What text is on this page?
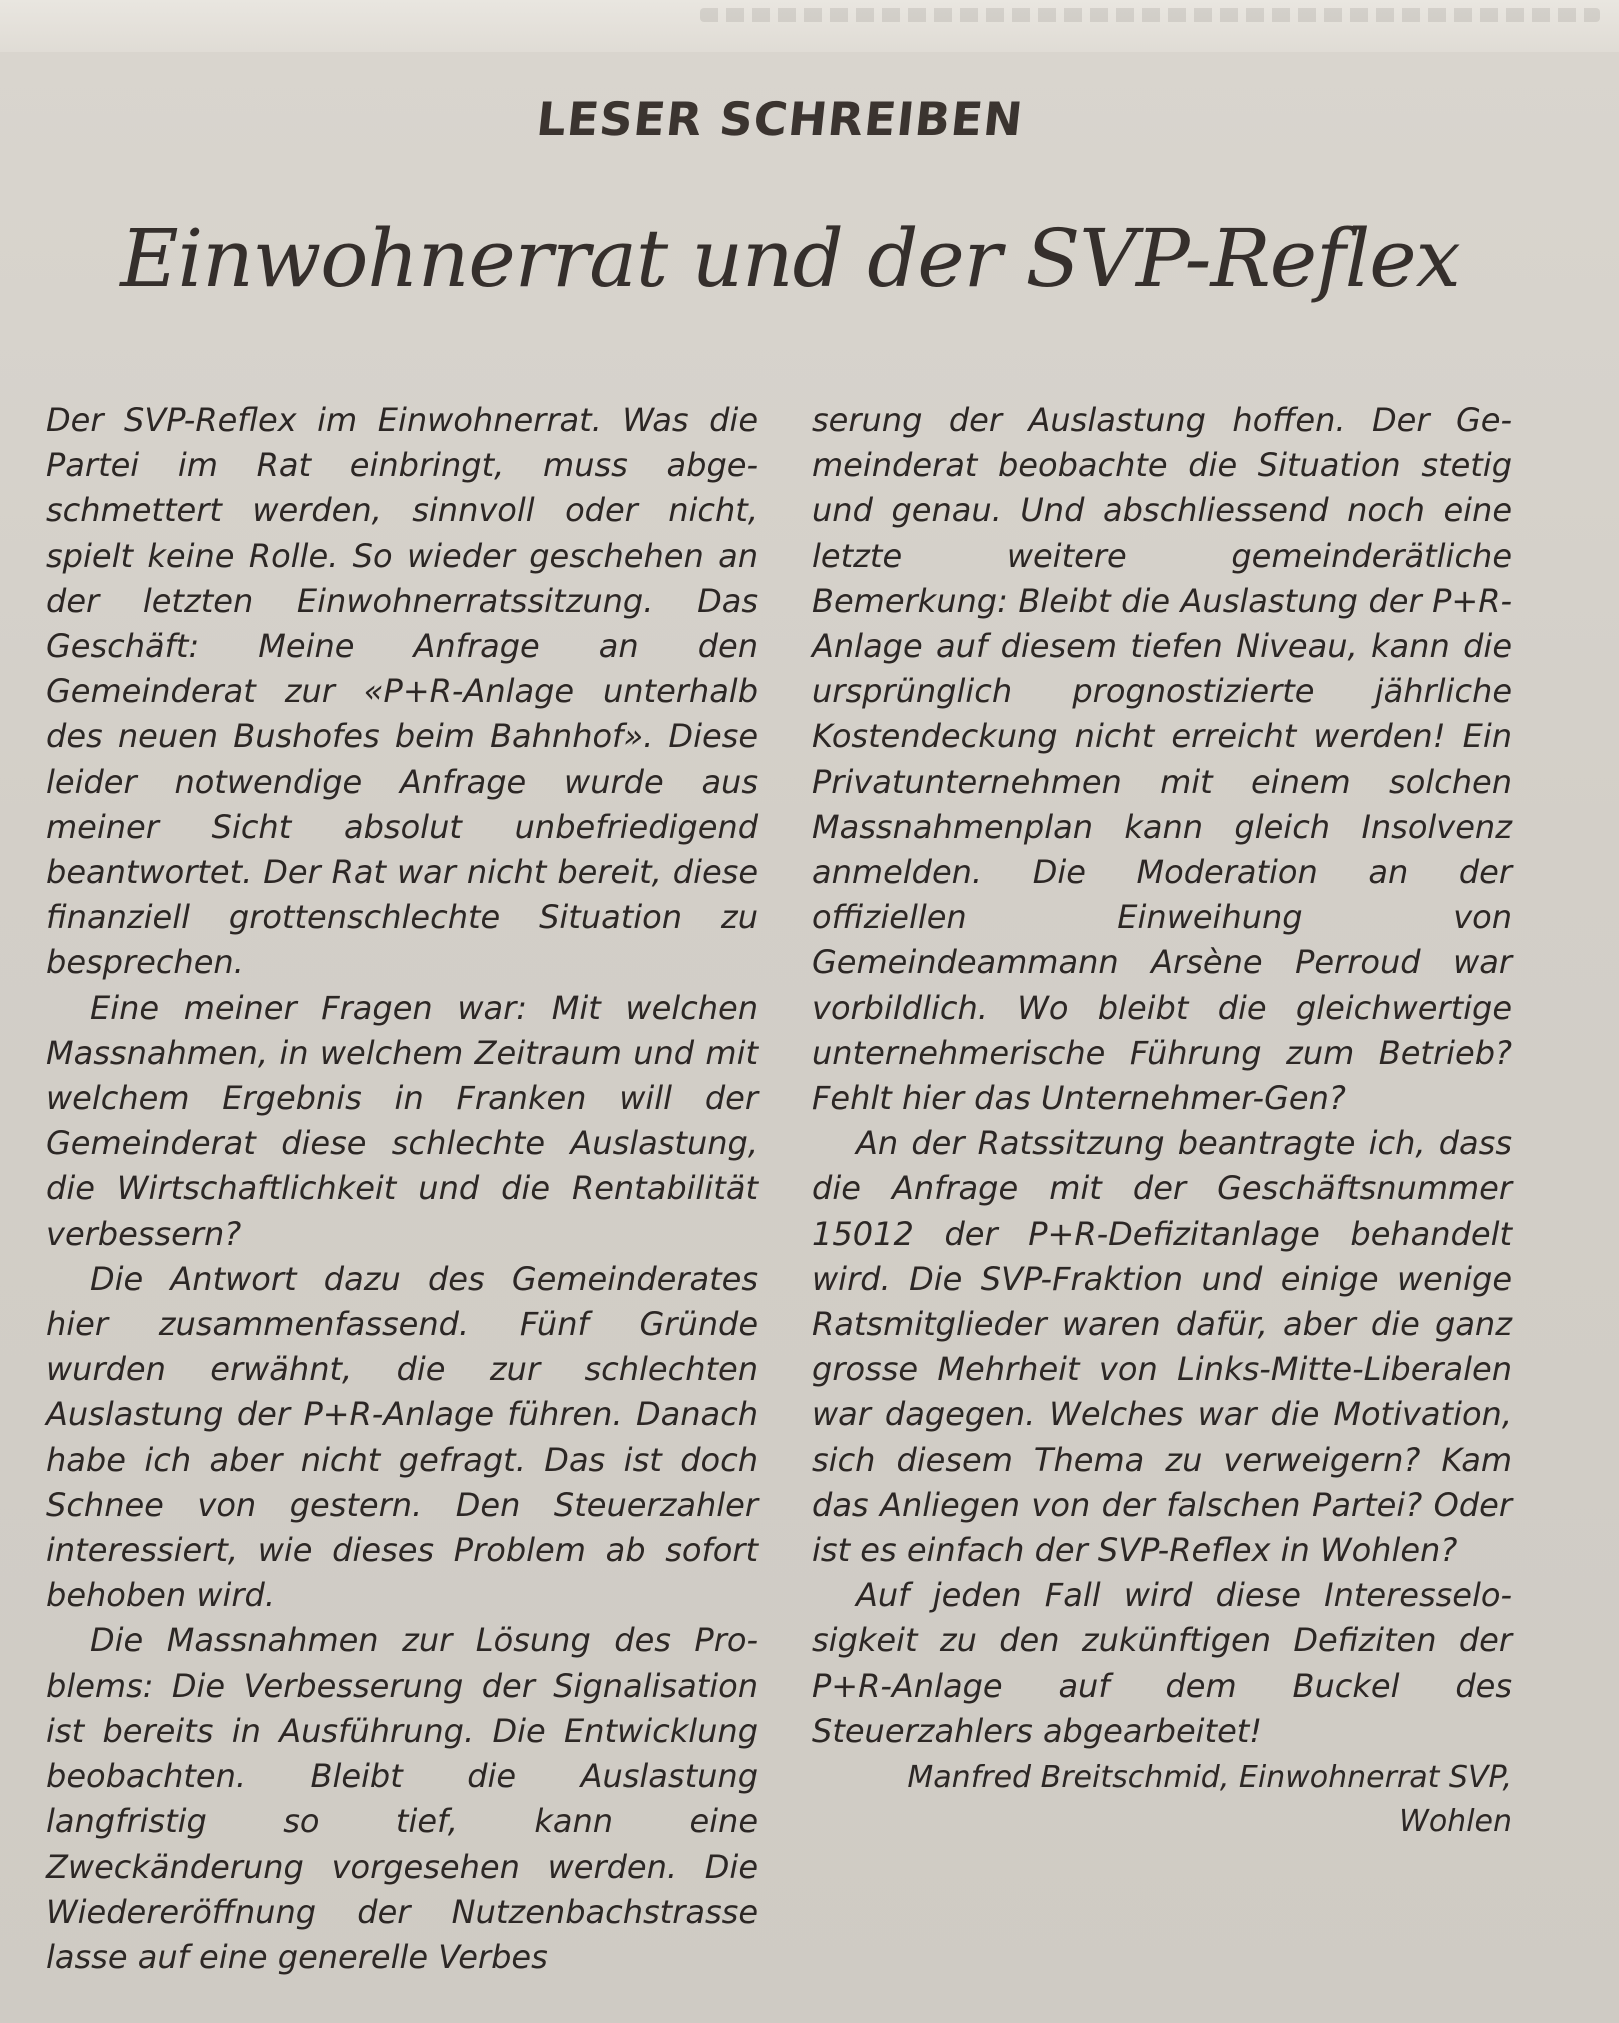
LESER SCHREIBEN
Einwohnerrat und der SVP-Reflex

Der SVP-Reflex im Einwohnerrat. Was die Partei im Rat einbringt, muss abgeschmettert werden, sinnvoll oder nicht, spielt keine Rolle. So wieder geschehen an der letzten Einwohnerratssitzung. Das Geschäft: Meine Anfrage an den Gemeinderat zur «P+R-Anlage unterhalb des neuen Bushofes beim Bahnhof». Diese leider notwendige Anfrage wurde aus meiner Sicht absolut unbefriedigend beantwortet. Der Rat war nicht bereit, diese finanziell grottenschlechte Situation zu besprechen.

Eine meiner Fragen war: Mit welchen Massnahmen, in welchem Zeitraum und mit welchem Ergebnis in Franken will der Gemeinderat diese schlechte Auslastung, die Wirtschaftlichkeit und die Rentabilität verbessern?

Die Antwort dazu des Gemeinderates hier zusammenfassend. Fünf Gründe wurden erwähnt, die zur schlechten Auslastung der P+R-Anlage führen. Danach habe ich aber nicht gefragt. Das ist doch Schnee von gestern. Den Steuerzahler interessiert, wie dieses Problem ab sofort behoben wird.

Die Massnahmen zur Lösung des Problems: Die Verbesserung der Signalisation ist bereits in Ausführung. Die Entwicklung beobachten. Bleibt die Auslastung langfristig so tief, kann eine Zweckänderung vorgesehen werden. Die Wiedereröffnung der Nutzenbachstrasse lasse auf eine generelle Verbes

serung der Auslastung hoffen. Der Gemeinderat beobachte die Situation stetig und genau. Und abschliessend noch eine letzte weitere gemeinderätliche Bemerkung: Bleibt die Auslastung der P+R-Anlage auf diesem tiefen Niveau, kann die ursprünglich prognostizierte jährliche Kostendeckung nicht erreicht werden! Ein Privatunternehmen mit einem solchen Massnahmenplan kann gleich Insolvenz anmelden. Die Moderation an der offiziellen Einweihung von Gemeindeammann Arsène Perroud war vorbildlich. Wo bleibt die gleichwertige unternehmerische Führung zum Betrieb? Fehlt hier das Unternehmer-Gen?

An der Ratssitzung beantragte ich, dass die Anfrage mit der Geschäftsnummer 15012 der P+R-Defizitanlage behandelt wird. Die SVP-Fraktion und einige wenige Ratsmitglieder waren dafür, aber die ganz grosse Mehrheit von Links-Mitte-Liberalen war dagegen. Welches war die Motivation, sich diesem Thema zu verweigern? Kam das Anliegen von der falschen Partei? Oder ist es einfach der SVP-Reflex in Wohlen?

Auf jeden Fall wird diese Interesselosigkeit zu den zukünftigen Defiziten der P+R-Anlage auf dem Buckel des Steuerzahlers abgearbeitet!

Manfred Breitschmid, Einwohnerrat SVP,
Wohlen
